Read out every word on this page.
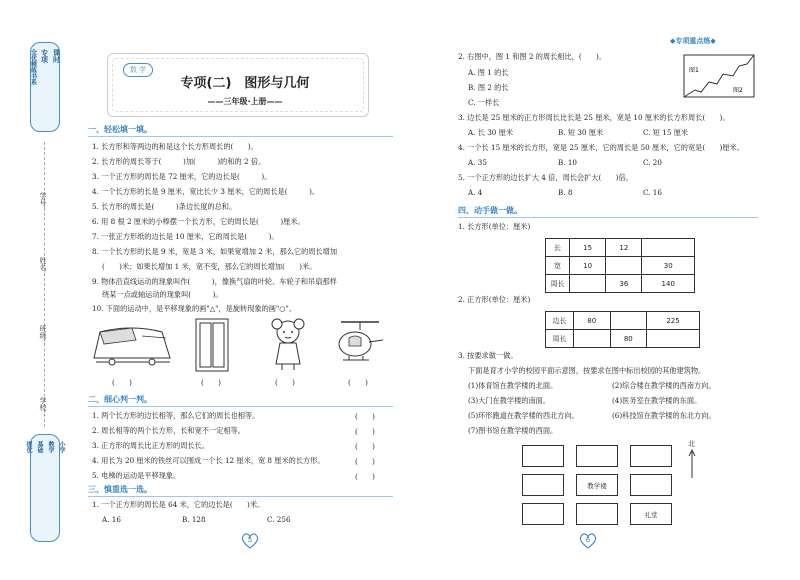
课时
专项
全优精练书系
学号：
姓名：
班级：
学校：
小学
数学
基础
提优
数 学
专项(二)　图形与几何
——三年级·上册——
一、轻松填一填。
1. 长方形和等两边的和是这个长方形周长的(　　)。
2. 长方形的周长等于(　　　)加(　　　)的和的 2 倍。
3. 一个正方形的周长是 72 厘米，它的边长是(　　　)。
4. 一个长方形的长是 9 厘米，宽比长少 3 厘米，它的周长是(　　　)。
5. 长方形的周长是(　　　)条边长度的总和。
6. 用 8 根 2 厘米的小棒摆一个长方形，它的周长是(　　　)厘米。
7. 一张正方形纸的边长是 10 厘米，它的周长是(　　　)。
8. 一个长方形的长是 9 米，宽是 3 米，如果宽增加 2 米，那么它的周长增加
(　　)米；如果长增加 1 米，宽不变，那么它的周长增加(　　)米。
9. 物体沿直线运动的现象叫作(　　　)，像换气扇的叶轮、车轮子和吊扇那样
绕某一点或轴运动的现象叫(　　　)。
10. 下面的运动中，是平移现象的画"△"，是旋转现象的画"○"。
(　　)	(　　)	(　　)	(　　)
二、细心判一判。
1. 两个长方形的边长相等，那么它们的周长也相等。	(　　)
2. 周长相等的两个长方形，长和宽不一定相等。	(　　)
3. 正方形的周长比正方形的周长长。	(　　)
4. 用长为 20 厘米的铁丝可以围成一个长 12 厘米，宽 8 厘米的长方形。	(　　)
5. 电梯的运动是平移现象。	(　　)
三、慎重选一选。
1. 一个正方形的周长是 64 米，它的边长是(　　)米。
A. 16	B. 128	C. 256
5
◆专项重点练◆
2. 右图中，图 1 和图 2 的周长相比，(　　)。
A. 图 1 的长
B. 图 2 的长
C. 一样长
图1
图2
3. 边长是 25 厘米的正方形周长比长是 25 厘米，宽是 10 厘米的长方形周长(　　)。
A. 长 30 厘米	B. 短 30 厘米	C. 短 15 厘米
4. 一个长 15 厘米的长方形，宽是 25 厘米，它的周长是 50 厘米，它的宽是(　　)厘米。
A. 35	B. 10	C. 20
5. 一个正方形的边长扩大 4 倍，周长会扩大(　　)倍。
A. 4	B. 8	C. 16
四、动手做一做。
1. 长方形(单位：厘米)
长	15	12	
宽	10		30
周长		36	140
2. 正方形(单位：厘米)
边长	80		225
周长		80	
3. 按要求做一做。
下面是育才小学的校园平面示意图，按要求在图中标出校园的其他建筑物。
(1)体育馆在教学楼的北面。	(2)综合楼在教学楼的西南方向。
(3)大门在教学楼的南面。	(4)医务室在教学楼的东面。
(5)环形跑道在教学楼的西北方向。	(6)科技馆在教学楼的东北方向。
(7)图书馆在教学楼的西面。
教学楼
礼堂
北
6
